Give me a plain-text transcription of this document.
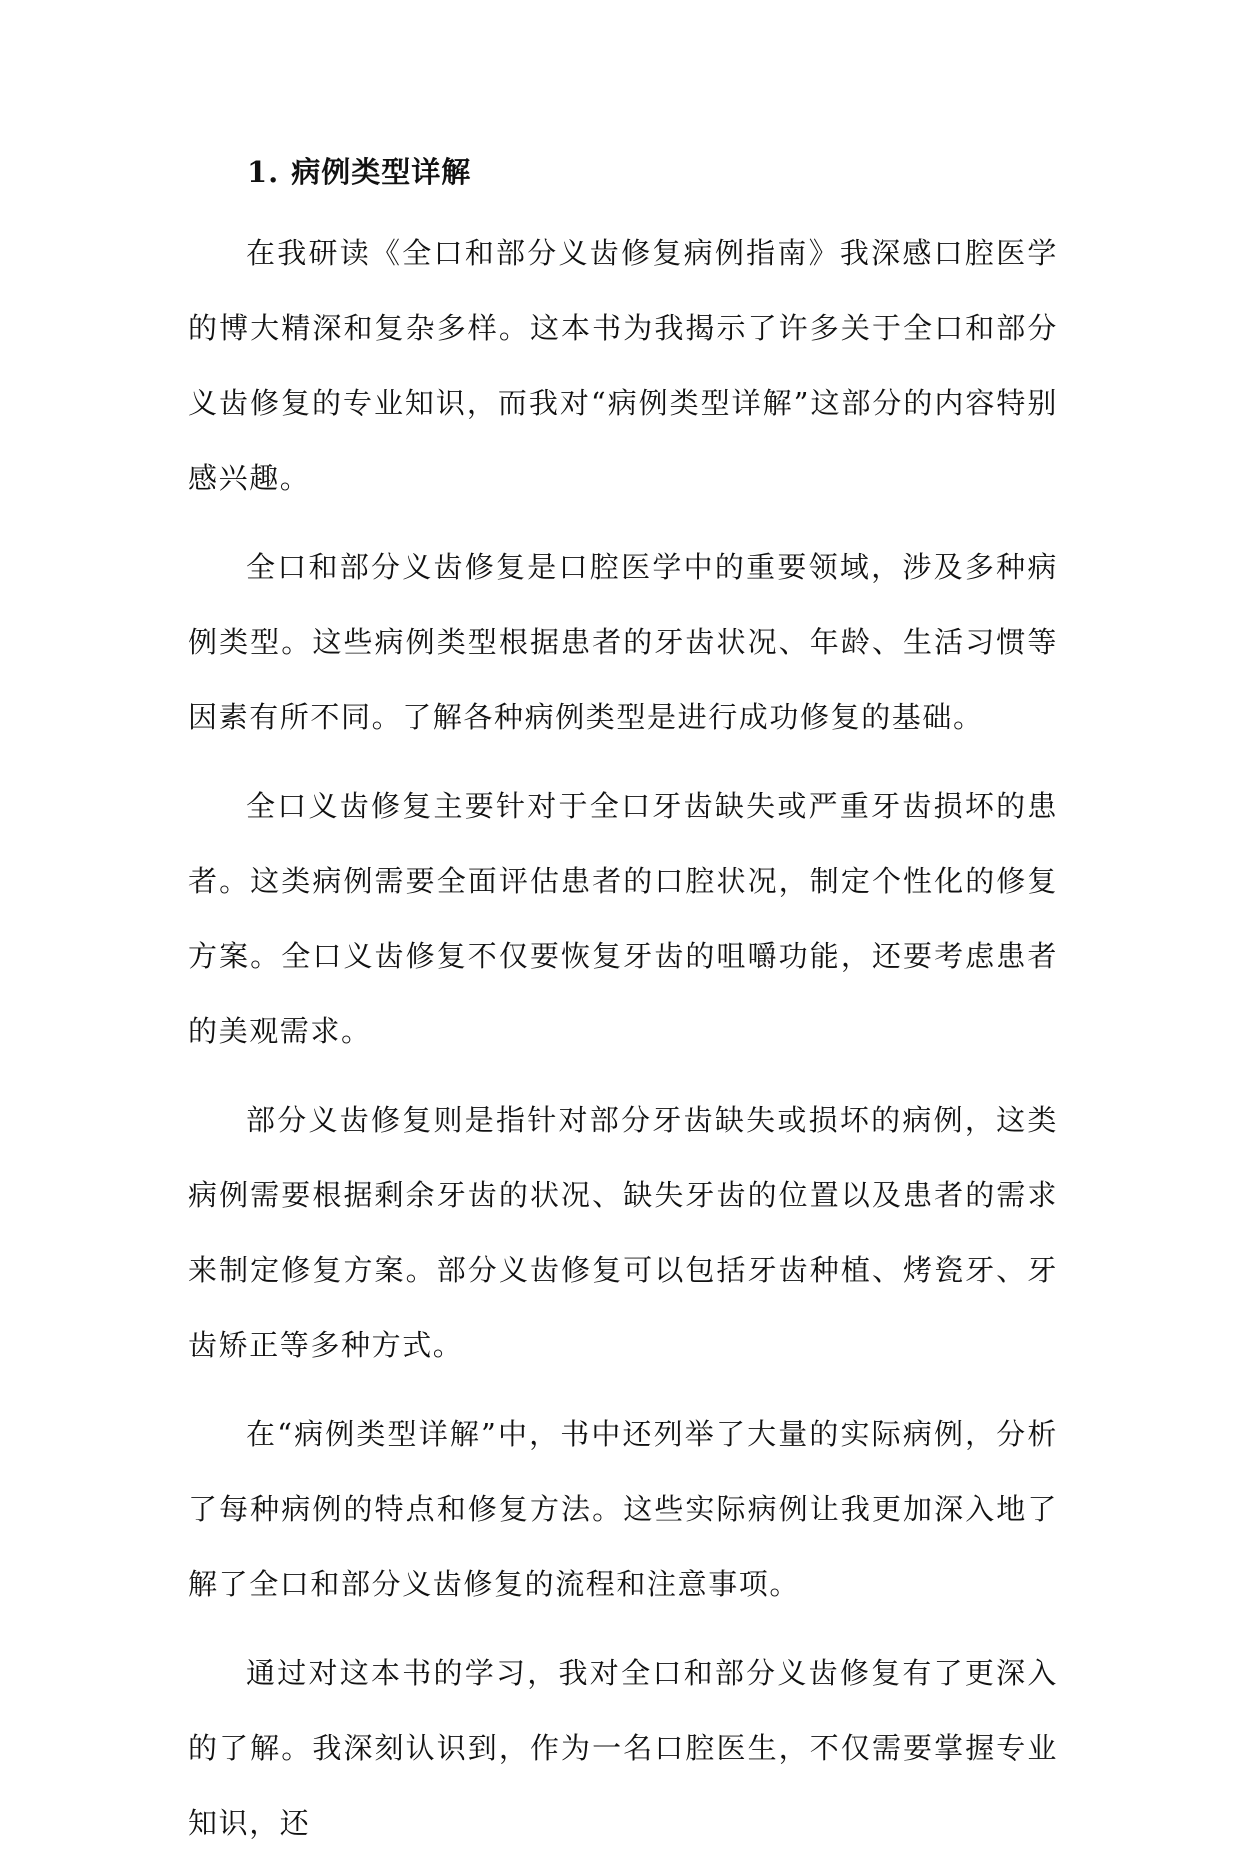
1. 病例类型详解

在我研读《全口和部分义齿修复病例指南》我深感口腔医学的博大精深和复杂多样。这本书为我揭示了许多关于全口和部分义齿修复的专业知识，而我对“病例类型详解”这部分的内容特别感兴趣。

全口和部分义齿修复是口腔医学中的重要领域，涉及多种病例类型。这些病例类型根据患者的牙齿状况、年龄、生活习惯等因素有所不同。了解各种病例类型是进行成功修复的基础。

全口义齿修复主要针对于全口牙齿缺失或严重牙齿损坏的患者。这类病例需要全面评估患者的口腔状况，制定个性化的修复方案。全口义齿修复不仅要恢复牙齿的咀嚼功能，还要考虑患者的美观需求。

部分义齿修复则是指针对部分牙齿缺失或损坏的病例，这类病例需要根据剩余牙齿的状况、缺失牙齿的位置以及患者的需求来制定修复方案。部分义齿修复可以包括牙齿种植、烤瓷牙、牙齿矫正等多种方式。

在“病例类型详解”中，书中还列举了大量的实际病例，分析了每种病例的特点和修复方法。这些实际病例让我更加深入地了解了全口和部分义齿修复的流程和注意事项。

通过对这本书的学习，我对全口和部分义齿修复有了更深入的了解。我深刻认识到，作为一名口腔医生，不仅需要掌握专业知识，还
